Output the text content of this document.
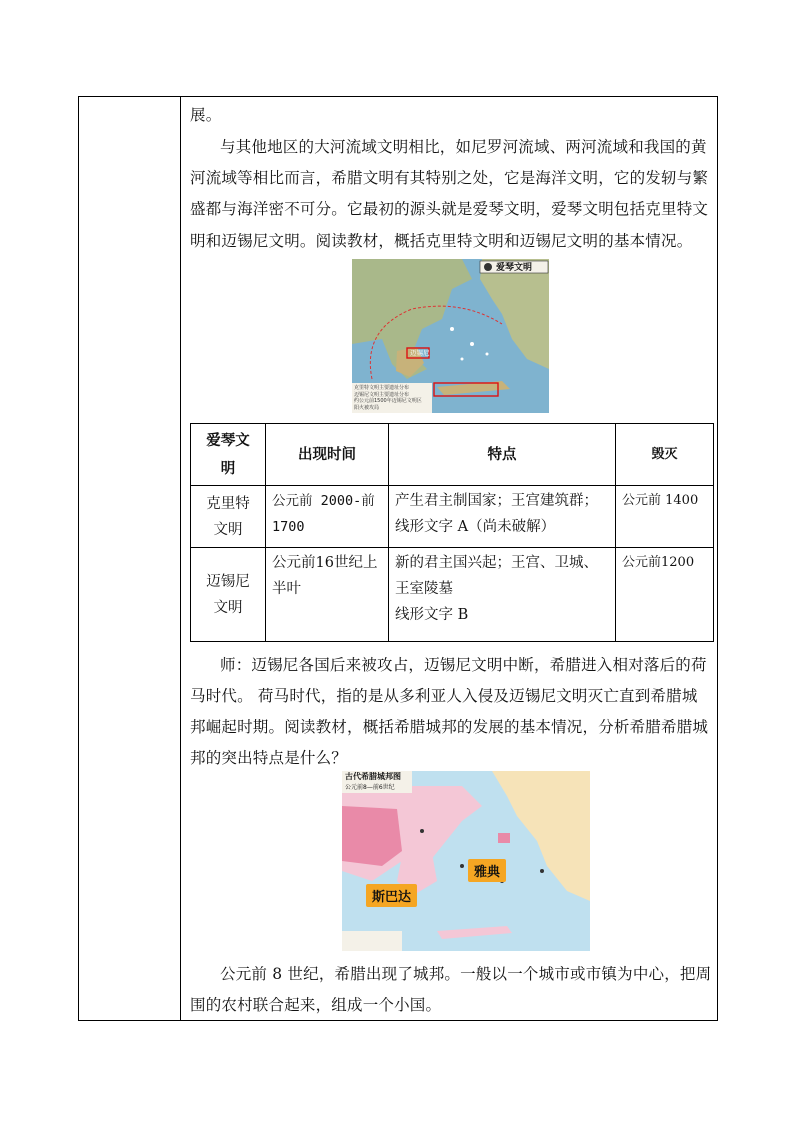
展。

与其他地区的大河流域文明相比，如尼罗河流域、两河流域和我国的黄

河流域等相比而言，希腊文明有其特别之处，它是海洋文明，它的发轫与繁

盛都与海洋密不可分。它最初的源头就是爱琴文明，爱琴文明包括克里特文

明和迈锡尼文明。阅读教材，概括克里特文明和迈锡尼文明的基本情况。

爱琴文明
迈锡尼
克里特文明主要遗址分布
迈锡尼文明主要遗址分布
约公元前1500年迈锡尼文明区
阳火被攻局
爱琴文
明	出现时间	特点	毁灭
克里特
文明	公元前 2000-前
1700	产生君主制国家；王宫建筑群；
线形文字 A（尚未破解）	公元前 1400
迈锡尼
文明	公元前16世纪上
半叶	新的君主国兴起；王宫、卫城、
王室陵墓
线形文字 B	公元前1200

师：迈锡尼各国后来被攻占，迈锡尼文明中断，希腊进入相对落后的荷

马时代。 荷马时代，指的是从多利亚人入侵及迈锡尼文明灭亡直到希腊城

邦崛起时期。阅读教材，概括希腊城邦的发展的基本情况，分析希腊希腊城

邦的突出特点是什么？

古代希腊城邦图
公元前8—前6世纪
雅典
斯巴达

公元前 8 世纪，希腊出现了城邦。一般以一个城市或市镇为中心，把周

围的农村联合起来，组成一个小国。
